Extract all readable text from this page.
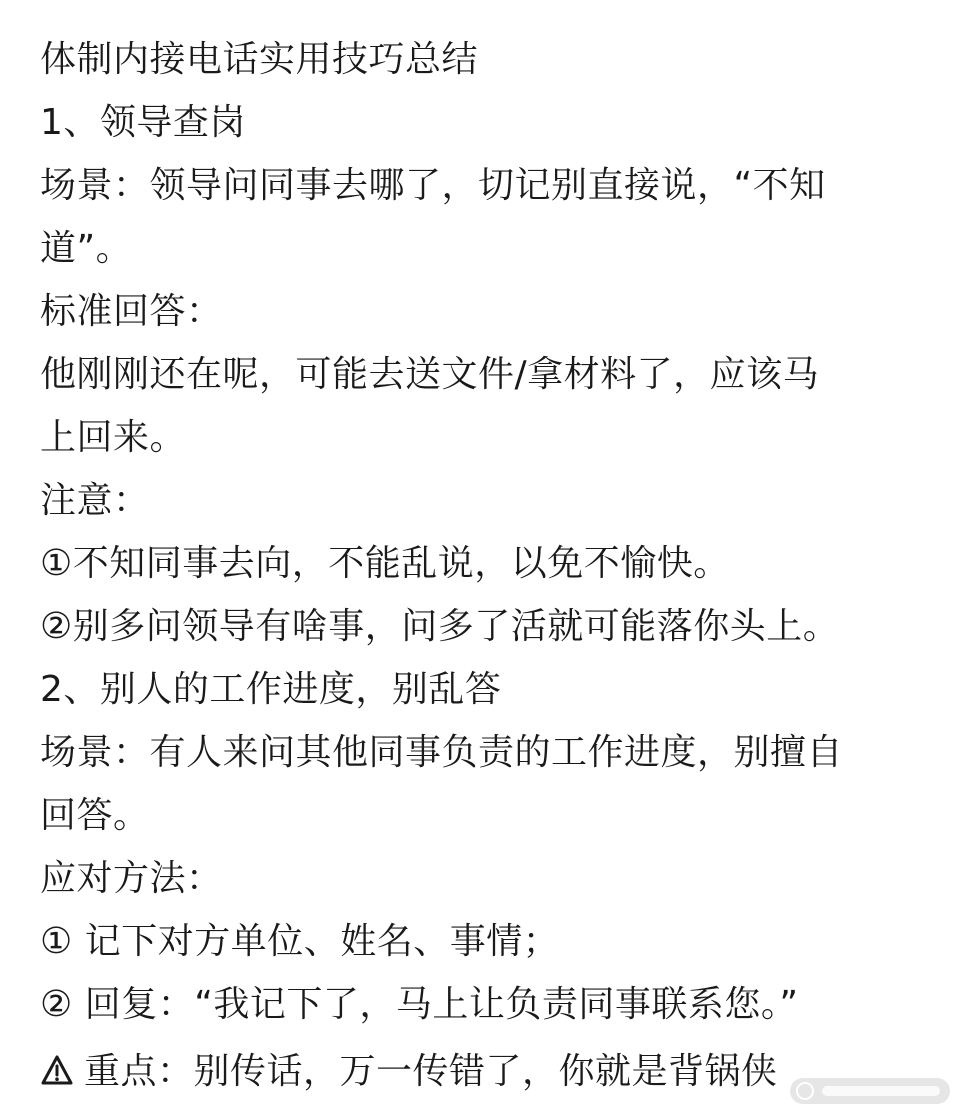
体制内接电话实用技巧总结
1、领导查岗
场景：领导问同事去哪了，切记别直接说，“不知
道”。
标准回答：
他刚刚还在呢，可能去送文件/拿材料了，应该马
上回来。
注意：
①不知同事去向，不能乱说，以免不愉快。
②别多问领导有啥事，问多了活就可能落你头上。
2、别人的工作进度，别乱答
场景：有人来问其他同事负责的工作进度，别擅自
回答。
应对方法：
① 记下对方单位、姓名、事情；
② 回复：“我记下了，马上让负责同事联系您。”
重点：别传话，万一传错了，你就是背锅侠
